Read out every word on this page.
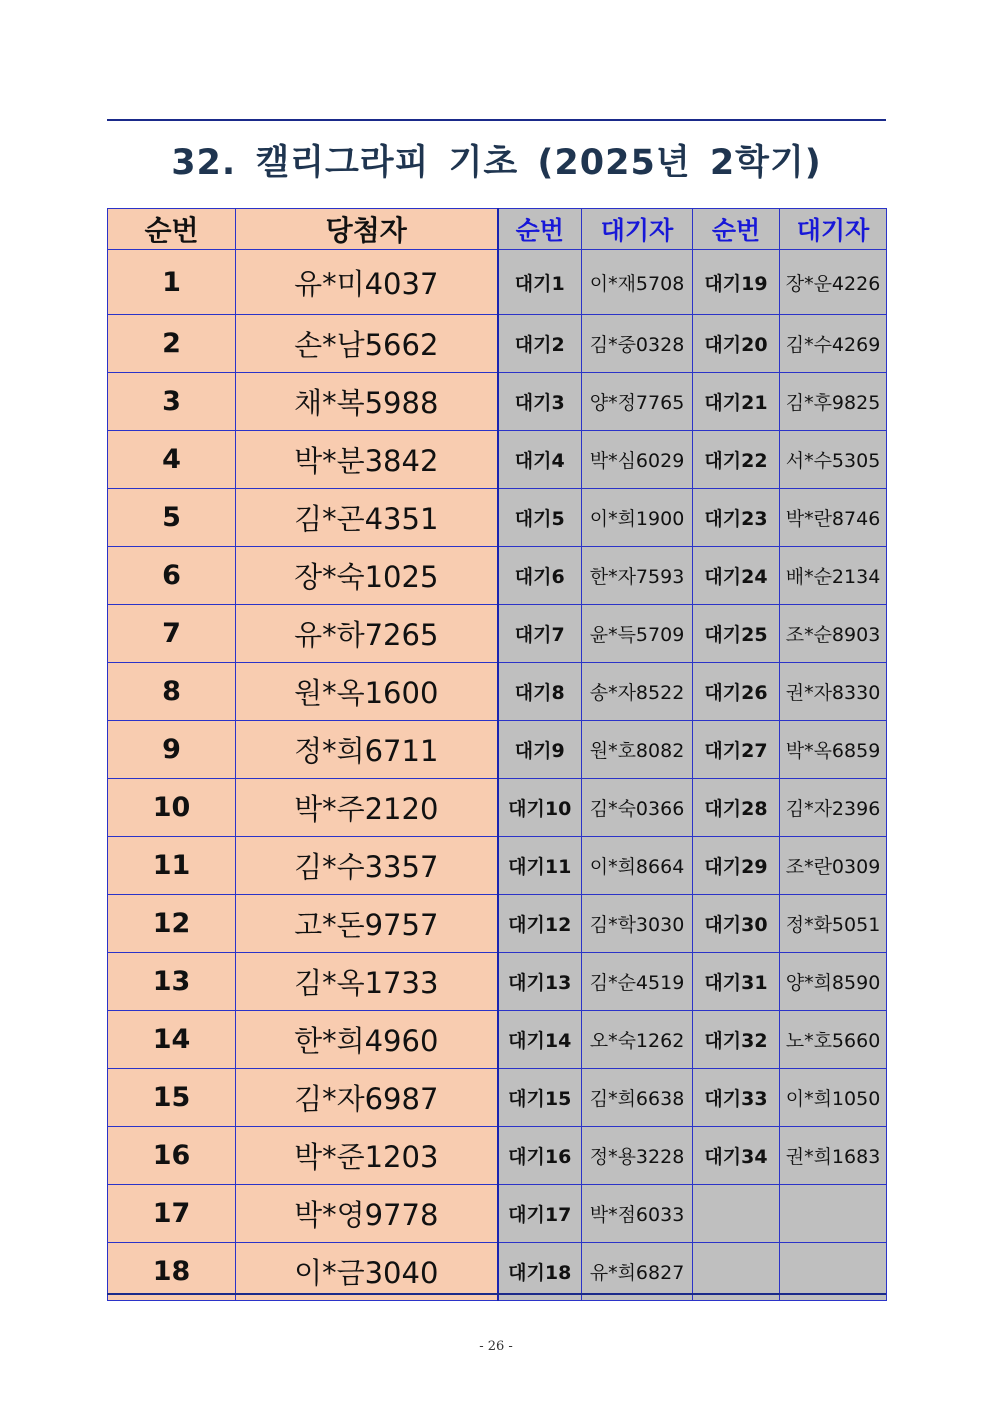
32. 캘리그라피 기초 (2025년 2학기)
순번	당첨자	순번	대기자	순번	대기자
1	유*미4037	대기1	이*재5708	대기19	장*운4226
2	손*남5662	대기2	김*중0328	대기20	김*수4269
3	채*복5988	대기3	양*정7765	대기21	김*후9825
4	박*분3842	대기4	박*심6029	대기22	서*수5305
5	김*곤4351	대기5	이*희1900	대기23	박*란8746
6	장*숙1025	대기6	한*자7593	대기24	배*순2134
7	유*하7265	대기7	윤*득5709	대기25	조*순8903
8	원*옥1600	대기8	송*자8522	대기26	권*자8330
9	정*희6711	대기9	원*호8082	대기27	박*옥6859
10	박*주2120	대기10	김*숙0366	대기28	김*자2396
11	김*수3357	대기11	이*희8664	대기29	조*란0309
12	고*돈9757	대기12	김*학3030	대기30	정*화5051
13	김*옥1733	대기13	김*순4519	대기31	양*희8590
14	한*희4960	대기14	오*숙1262	대기32	노*호5660
15	김*자6987	대기15	김*희6638	대기33	이*희1050
16	박*준1203	대기16	정*용3228	대기34	권*희1683
17	박*영9778	대기17	박*점6033		
18	이*금3040	대기18	유*희6827		
- 26 -
